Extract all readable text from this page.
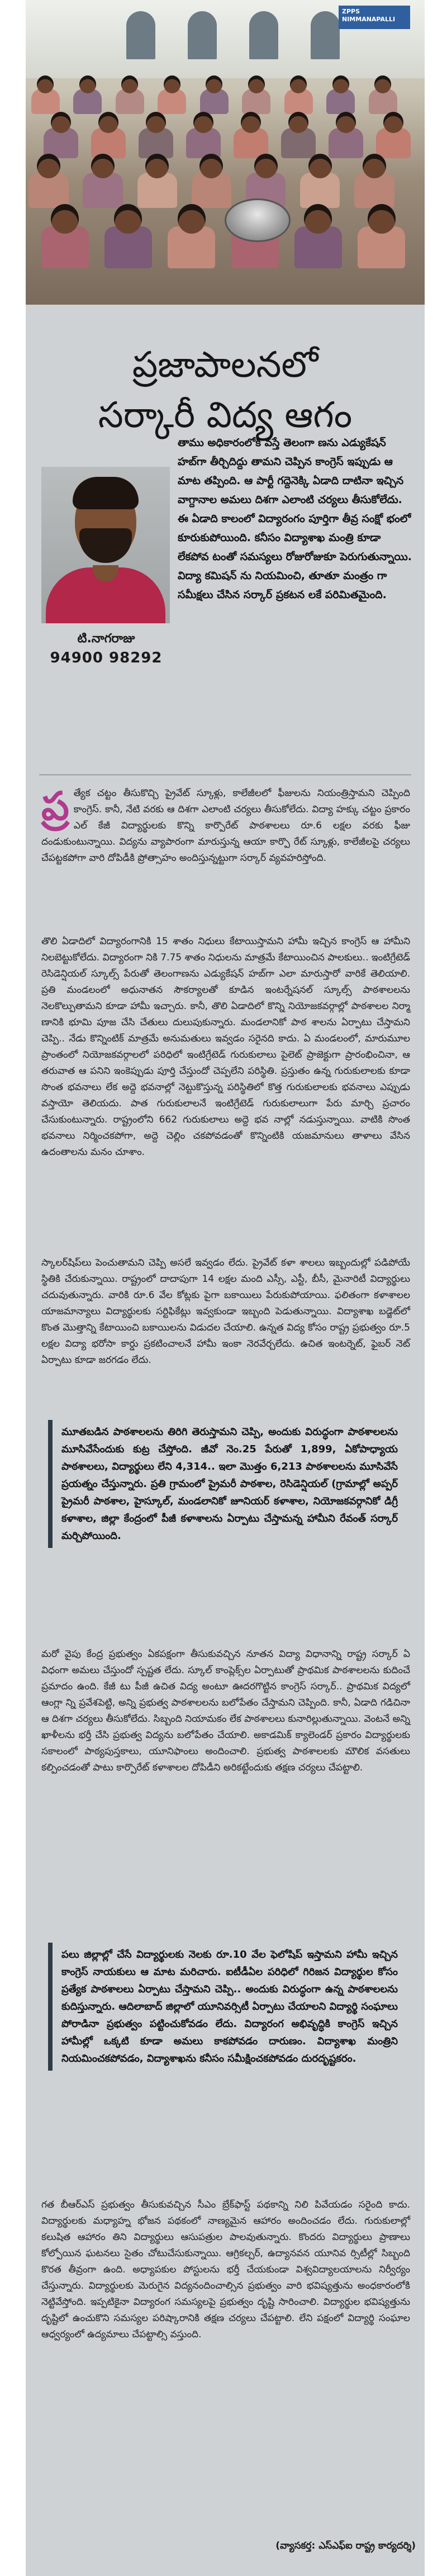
ZPPS
NIMMANAPALLI
ప్రజాపాలనలో
సర్కారీ విద్య ఆగం
టి.నాగరాజు
94900 98292

తాము అధికారంలోకి వస్తే తెలంగా ణను ఎడ్యుకేషన్ హబ్‌గా తీర్చిదిద్దు తామని చెప్పిన కాంగ్రెస్ ఇప్పుడు ఆ మాట తప్పింది. ఆ పార్టీ గద్దెనెక్కి ఏడాది దాటినా ఇచ్చిన వాగ్దానాల అమలు దిశగా ఎలాంటి చర్యలు తీసుకోలేదు. ఈ ఏడాది కాలంలో విద్యారంగం పూర్తిగా తీవ్ర సంక్షో భంలో కూరుకుపోయింది. కనీసం విద్యాశాఖ మంత్రి కూడా లేకపోవ టంతో సమస్యలు రోజురోజుకూ పెరుగుతున్నాయి. విద్యా కమిషన్ ను నియమించి, తూతూ మంత్రం గా సమీక్షలు చేసిన సర్కార్ ప్రకటన లకే పరిమితమైంది.

ప్ర త్యేక చట్టం తీసుకొచ్చి ప్రైవేట్ స్కూళ్లు, కాలేజీలలో ఫీజులను నియంత్రిస్తామని చెప్పింది కాంగ్రెస్. కానీ, నేటి వరకు ఆ దిశగా ఎలాంటి చర్యలు తీసుకోలేదు. విద్యా హక్కు చట్టం ప్రకారం ఎల్ కేజీ విద్యార్థులకు కొన్ని కార్పొరేట్ పాఠశాలలు రూ.6 లక్షల వరకు ఫీజు దండుకుంటున్నాయి. విద్యను వ్యాపారంగా మారుస్తున్న ఆయా కార్పొ రేట్ స్కూళ్లు, కాలేజీలపై చర్యలు చేపట్టకపోగా వారి దోపిడీకి ప్రోత్సాహం అందిస్తున్నట్టుగా సర్కార్ వ్యవహరిస్తోంది.

తొలి ఏడాదిలో విద్యారంగానికి 15 శాతం నిధులు కేటాయిస్తామని హామీ ఇచ్చిన కాంగ్రెస్ ఆ హామీని నిలబెట్టుకోలేదు. విద్యారంగా నికి 7.75 శాతం నిధులను మాత్రమే కేటాయించిన పాలకులు.. ఇంటిగ్రేటెడ్ రెసిడెన్షియల్ స్కూల్స్ పేరుతో తెలంగాణను ఎడ్యుకేషన్ హబ్‌గా ఎలా మారుస్తారో వారికే తెలియాలి. ప్రతి మండలంలో అధునాతన సౌకర్యాలతో కూడిన ఇంటర్నేషనల్ స్కూల్స్ పాఠశాలలను నెలకొల్పుతామని కూడా హామీ ఇచ్చారు. కానీ, తొలి ఏడాదిలో కొన్ని నియోజకవర్గాల్లో పాఠశాలల నిర్మా ణానికి భూమి పూజ చేసి చేతులు దులుపుకున్నారు. మండలానికో పాఠ శాలను ఏర్పాటు చేస్తామని చెప్పి.. నేడు కొన్నింటిక్ మాత్రమే అనుమతులు ఇవ్వడం సరైనది కాదు. ఏ మండలంలో, మారుమూల ప్రాంతంలో నియోజకవర్గాలలో పరిధిలో ఇంటిగ్రేటెడ్ గురుకులాలు పైలెట్ ప్రాజెక్టుగా ప్రారంభించినా, ఆ తరువాత ఆ పనిని ఇంకెప్పుడు పూర్తి చేస్తుందో చెప్పలేని పరిస్థితి. ప్రస్తుతం ఉన్న గురుకులాలకు కూడా సొంత భవనాలు లేక అద్దె భవనాల్లో నెట్టుకొస్తున్న పరిస్థితిలో కొత్త గురుకులాలకు భవనాలు ఎప్పుడు వస్తాయో తెలియదు. పాత గురుకులాలనే ఇంటిగ్రేటెడ్ గురుకులాలుగా పేరు మార్చి ప్రచారం చేసుకుంటున్నారు. రాష్ట్రంలోని 662 గురుకులాలు అద్దె భవ నాల్లో నడుస్తున్నాయి. వాటికి సొంత భవనాలు నిర్మించకపోగా, అద్దె చెల్లిం చకపోవడంతో కొన్నింటికి యజమానులు తాళాలు వేసిన ఉదంతాలను మనం చూశాం.

స్కాలర్‌షిప్‌లు పెంచుతామని చెప్పి అసలే ఇవ్వడం లేదు. ప్రైవేట్ కళా శాలలు ఇబ్బందుల్లో పడిపోయే స్థితికి చేరుకున్నాయి. రాష్ట్రంలో దాదాపుగా 14 లక్షల మంది ఎస్సీ, ఎస్టీ, బీసీ, మైనారిటీ విద్యార్థులు చదువుతున్నారు. వారికి రూ.6 వేల కోట్లకు పైగా బకాయిలు పేరుకుపోయాయి. ఫలితంగా కళాశాలల యాజమాన్యాలు విద్యార్థులకు సర్టిఫికేట్లు ఇవ్వకుండా ఇబ్బంది పెడుతున్నాయి. విద్యాశాఖ బడ్జెట్‌లో కొంత మొత్తాన్ని కేటాయించి బకాయిలను విడుదల చేయాలి. ఉన్నత విద్య కోసం రాష్ట్ర ప్రభుత్వం రూ.5 లక్షల విద్యా భరోసా కార్డు ప్రకటించాలనే హామీ ఇంకా నెరవేర్చలేదు. ఉచిత ఇంటర్నెట్, ఫైబర్ నెట్ ఏర్పాటు కూడా జరగడం లేదు.

మూతబడిన పాఠశాలలను తిరిగి తెరుస్తామని చెప్పి, అందుకు విరుద్ధంగా పాఠశాలలను మూసివేసేందుకు కుట్ర చేస్తోంది. జీవో నెం.25 పేరుతో 1,899, ఏకోపాధ్యాయ పాఠశాలలు, విద్యార్థులు లేని 4,314.. ఇలా మొత్తం 6,213 పాఠశాలలను మూసివేసే ప్రయత్నం చేస్తున్నారు. ప్రతి గ్రామంలో ప్రైమరీ పాఠశాల, రెసిడెన్షియల్ (గ్రామాల్లో అప్పర్ ప్రైమరీ పాఠశాల, హైస్కూల్, మండలానికో జూనియర్ కళాశాల, నియోజకవర్గానికో డిగ్రీ కళాశాల, జిల్లా కేంద్రంలో పీజీ కళాశాలను ఏర్పాటు చేస్తామన్న హామీని రేవంత్ సర్కార్ మర్చిపోయింది.

మరో వైపు కేంద్ర ప్రభుత్వం ఏకపక్షంగా తీసుకువచ్చిన నూతన విద్యా విధానాన్ని రాష్ట్ర సర్కార్ ఏ విధంగా అమలు చేస్తుందో స్పష్టత లేదు. స్కూల్ కాంప్లెక్స్‌ల ఏర్పాటుతో ప్రాథమిక పాఠశాలలను కుదించే ప్రమాదం ఉంది. కేజీ టు పీజీ ఉచిత విద్య అంటూ ఊదరగొట్టిన కాంగ్రెస్ సర్కార్.. ప్రాథమిక విద్యలో ఆంగ్లా న్ని ప్రవేశపెట్టి, అన్ని ప్రభుత్వ పాఠశాలలను బలోపేతం చేస్తామని చెప్పింది. కానీ, ఏడాది గడిచినా ఆ దిశగా చర్యలు తీసుకోలేదు. సిబ్బంది నియామకం లేక పాఠశాలలు కునారిల్లుతున్నాయి. వెంటనే అన్ని ఖాళీలను భర్తీ చేసి ప్రభుత్వ విద్యను బలోపేతం చేయాలి. అకాడమిక్ క్యాలెండర్ ప్రకారం విద్యార్థులకు సకాలంలో పాఠ్యపుస్తకాలు, యూనిఫాంలు అందించాలి. ప్రభుత్వ పాఠశాలలకు మౌలిక వసతులు కల్పించడంతో పాటు కార్పొరేట్ కళాశాలల దోపిడీని అరికట్టేందుకు తక్షణ చర్యలు చేపట్టాలి.

పలు జిల్లాల్లో చేసే విద్యార్థులకు నెలకు రూ.10 వేల ఫెలోషిప్ ఇస్తామని హామీ ఇచ్చిన కాంగ్రెస్ నాయకులు ఆ మాట మరిచారు. ఐటీడీఏల పరిధిలో గిరిజన విద్యార్థుల కోసం ప్రత్యేక పాఠశాలలు ఏర్పాటు చేస్తామని చెప్పి.. అందుకు విరుద్ధంగా ఉన్న పాఠశాలలను కుదిస్తున్నారు. ఆదిలాబాద్ జిల్లాలో యూనివర్సిటీ ఏర్పాటు చేయాలని విద్యార్థి సంఘాలు పోరాడినా ప్రభుత్వం పట్టించుకోవడం లేదు. విద్యారంగ అభివృద్ధికి కాంగ్రెస్ ఇచ్చిన హామీల్లో ఒక్కటి కూడా అమలు కాకపోవడం దారుణం. విద్యాశాఖ మంత్రిని నియమించకపోవడం, విద్యాశాఖను కనీసం సమీక్షించకపోవడం దురదృష్టకరం.

గత బీఆర్ఎస్ ప్రభుత్వం తీసుకువచ్చిన సీఎం బ్రేక్‌ఫాస్ట్ పథకాన్ని నిలి పివేయడం సరైంది కాదు. విద్యార్థులకు మధ్యాహ్న భోజన పథకంలో నాణ్యమైన ఆహారం అందించడం లేదు. గురుకులాల్లో కలుషిత ఆహారం తిని విద్యార్థులు ఆసుపత్రుల పాలవుతున్నారు. కొందరు విద్యార్థులు ప్రాణాలు కోల్పోయిన ఘటనలు సైతం చోటుచేసుకున్నాయి. ఆగ్రికల్చర్, ఉద్యానవన యూనివ ర్సిటీల్లో సిబ్బంది కొరత తీవ్రంగా ఉంది. అధ్యాపకుల పోస్టులను భర్తీ చేయకుండా విశ్వవిద్యాలయాలను నిర్వీర్యం చేస్తున్నారు. విద్యార్థులకు మెరుగైన విద్యనందించాల్సిన ప్రభుత్వం వారి భవిష్యత్తును అంధకారంలోకి నెట్టివేస్తోంది. ఇప్పటికైనా విద్యారంగ సమస్యలపై ప్రభుత్వం దృష్టి సారించాలి. విద్యార్థుల భవిష్యత్తును దృష్టిలో ఉంచుకొని సమస్యల పరిష్కారానికి తక్షణ చర్యలు చేపట్టాలి. లేని పక్షంలో విద్యార్థి సంఘాల ఆధ్వర్యంలో ఉద్యమాలు చేపట్టాల్సి వస్తుంది.

(వ్యాసకర్త: ఎస్ఎఫ్ఐ రాష్ట్ర కార్యదర్శి)
